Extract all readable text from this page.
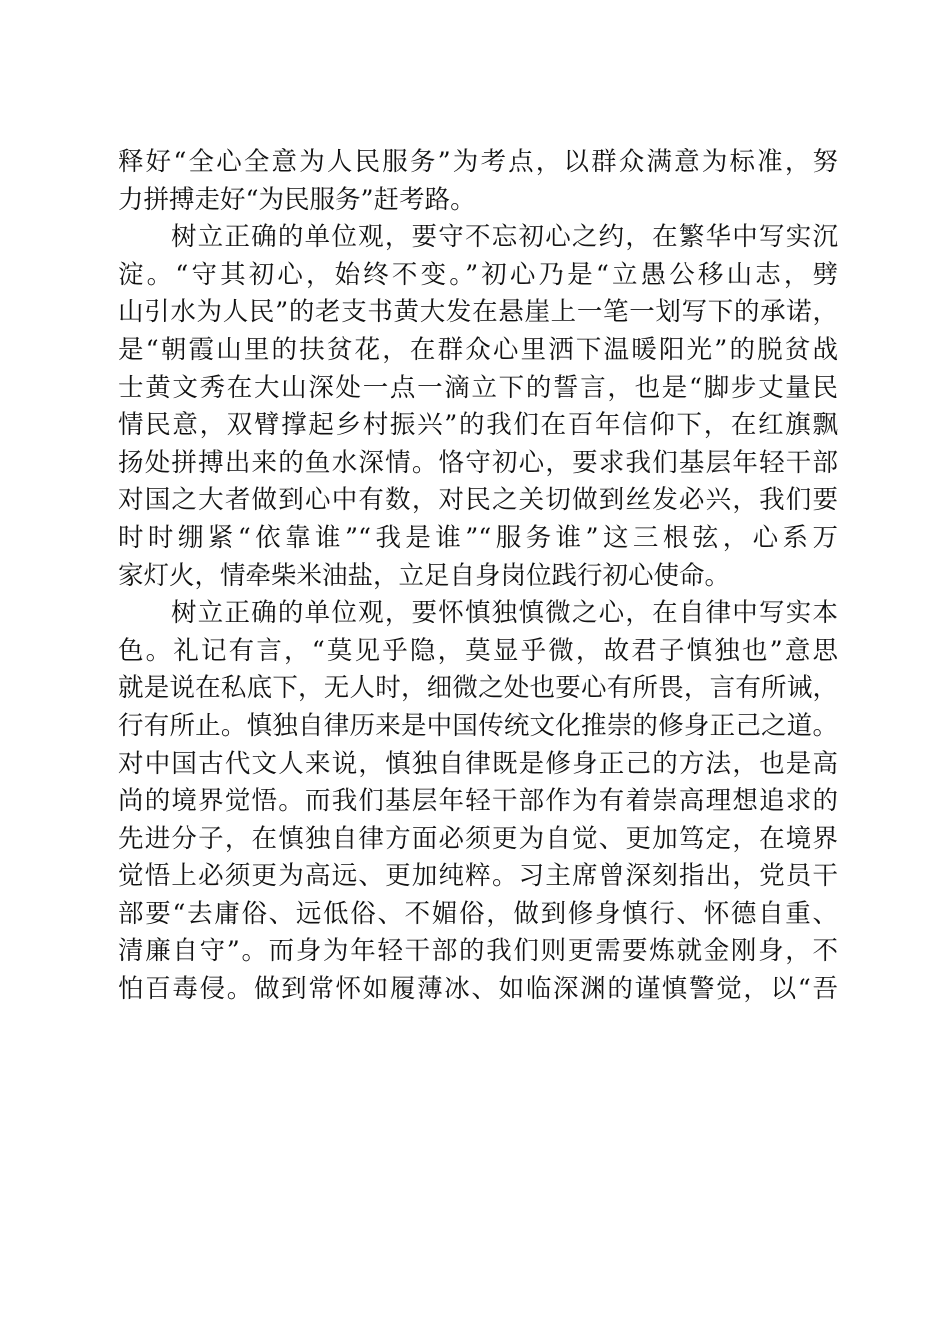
释好“全心全意为人民服务”为考点，以群众满意为标准，努
力拼搏走好“为民服务”赶考路。
树立正确的单位观，要守不忘初心之约，在繁华中写实沉
淀。“守其初心，始终不变。”初心乃是“立愚公移山志，劈
山引水为人民”的老支书黄大发在悬崖上一笔一划写下的承诺，
是“朝霞山里的扶贫花，在群众心里洒下温暖阳光”的脱贫战
士黄文秀在大山深处一点一滴立下的誓言，也是“脚步丈量民
情民意，双臂撑起乡村振兴”的我们在百年信仰下，在红旗飘
扬处拼搏出来的鱼水深情。恪守初心，要求我们基层年轻干部
对国之大者做到心中有数，对民之关切做到丝发必兴，我们要
时时绷紧“依靠谁”“我是谁”“服务谁”这三根弦，心系万
家灯火，情牵柴米油盐，立足自身岗位践行初心使命。
树立正确的单位观，要怀慎独慎微之心，在自律中写实本
色。礼记有言，“莫见乎隐，莫显乎微，故君子慎独也”意思
就是说在私底下，无人时，细微之处也要心有所畏，言有所诫，
行有所止。慎独自律历来是中国传统文化推崇的修身正己之道。
对中国古代文人来说，慎独自律既是修身正己的方法，也是高
尚的境界觉悟。而我们基层年轻干部作为有着崇高理想追求的
先进分子，在慎独自律方面必须更为自觉、更加笃定，在境界
觉悟上必须更为高远、更加纯粹。习主席曾深刻指出，党员干
部要“去庸俗、远低俗、不媚俗，做到修身慎行、怀德自重、
清廉自守”。而身为年轻干部的我们则更需要炼就金刚身，不
怕百毒侵。做到常怀如履薄冰、如临深渊的谨慎警觉，以“吾
